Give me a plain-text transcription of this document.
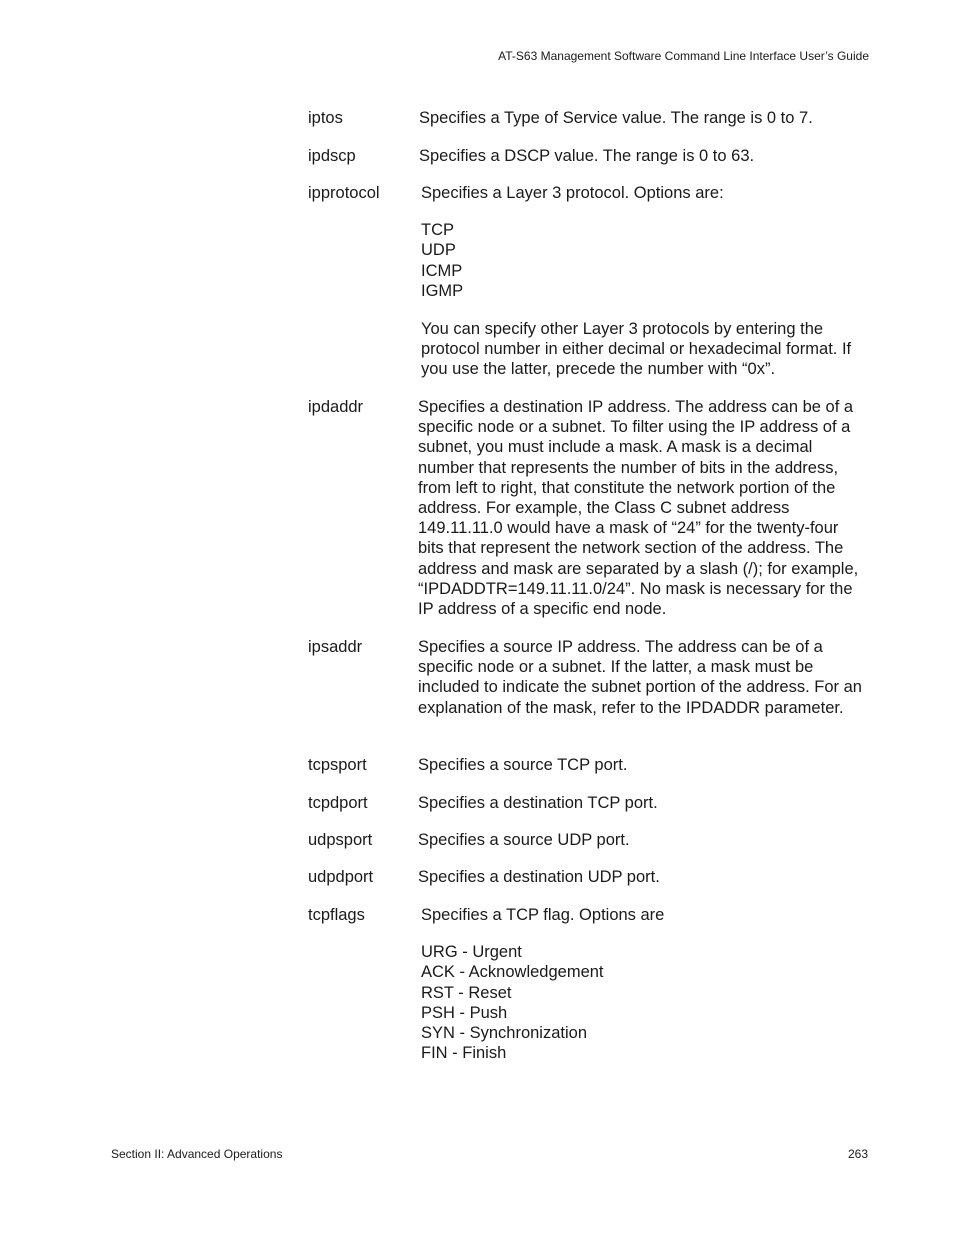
AT-S63 Management Software Command Line Interface User’s Guide
iptos	Specifies a Type of Service value. The range is 0 to 7.

ipdscp	Specifies a DSCP value. The range is 0 to 63.

ipprotocol	Specifies a Layer 3 protocol. Options are:

TCP
UDP
ICMP
IGMP

You can specify other Layer 3 protocols by entering the protocol number in either decimal or hexadecimal format. If you use the latter, precede the number with “0x”.

ipdaddr	Specifies a destination IP address. The address can be of a specific node or a subnet. To filter using the IP address of a subnet, you must include a mask. A mask is a decimal number that represents the number of bits in the address, from left to right, that constitute the network portion of the address. For example, the Class C subnet address 149.11.11.0 would have a mask of “24” for the twenty-four bits that represent the network section of the address. The address and mask are separated by a slash (/); for example, “IPDADDTR=149.11.11.0/24”. No mask is necessary for the IP address of a specific end node.

ipsaddr	Specifies a source IP address. The address can be of a specific node or a subnet. If the latter, a mask must be included to indicate the subnet portion of the address. For an explanation of the mask, refer to the IPDADDR parameter.

tcpsport	Specifies a source TCP port.

tcpdport	Specifies a destination TCP port.

udpsport	Specifies a source UDP port.

udpdport	Specifies a destination UDP port.

tcpflags	Specifies a TCP flag. Options are

URG - Urgent
ACK - Acknowledgement
RST - Reset
PSH - Push
SYN - Synchronization
FIN - Finish
Section II: Advanced Operations	263
